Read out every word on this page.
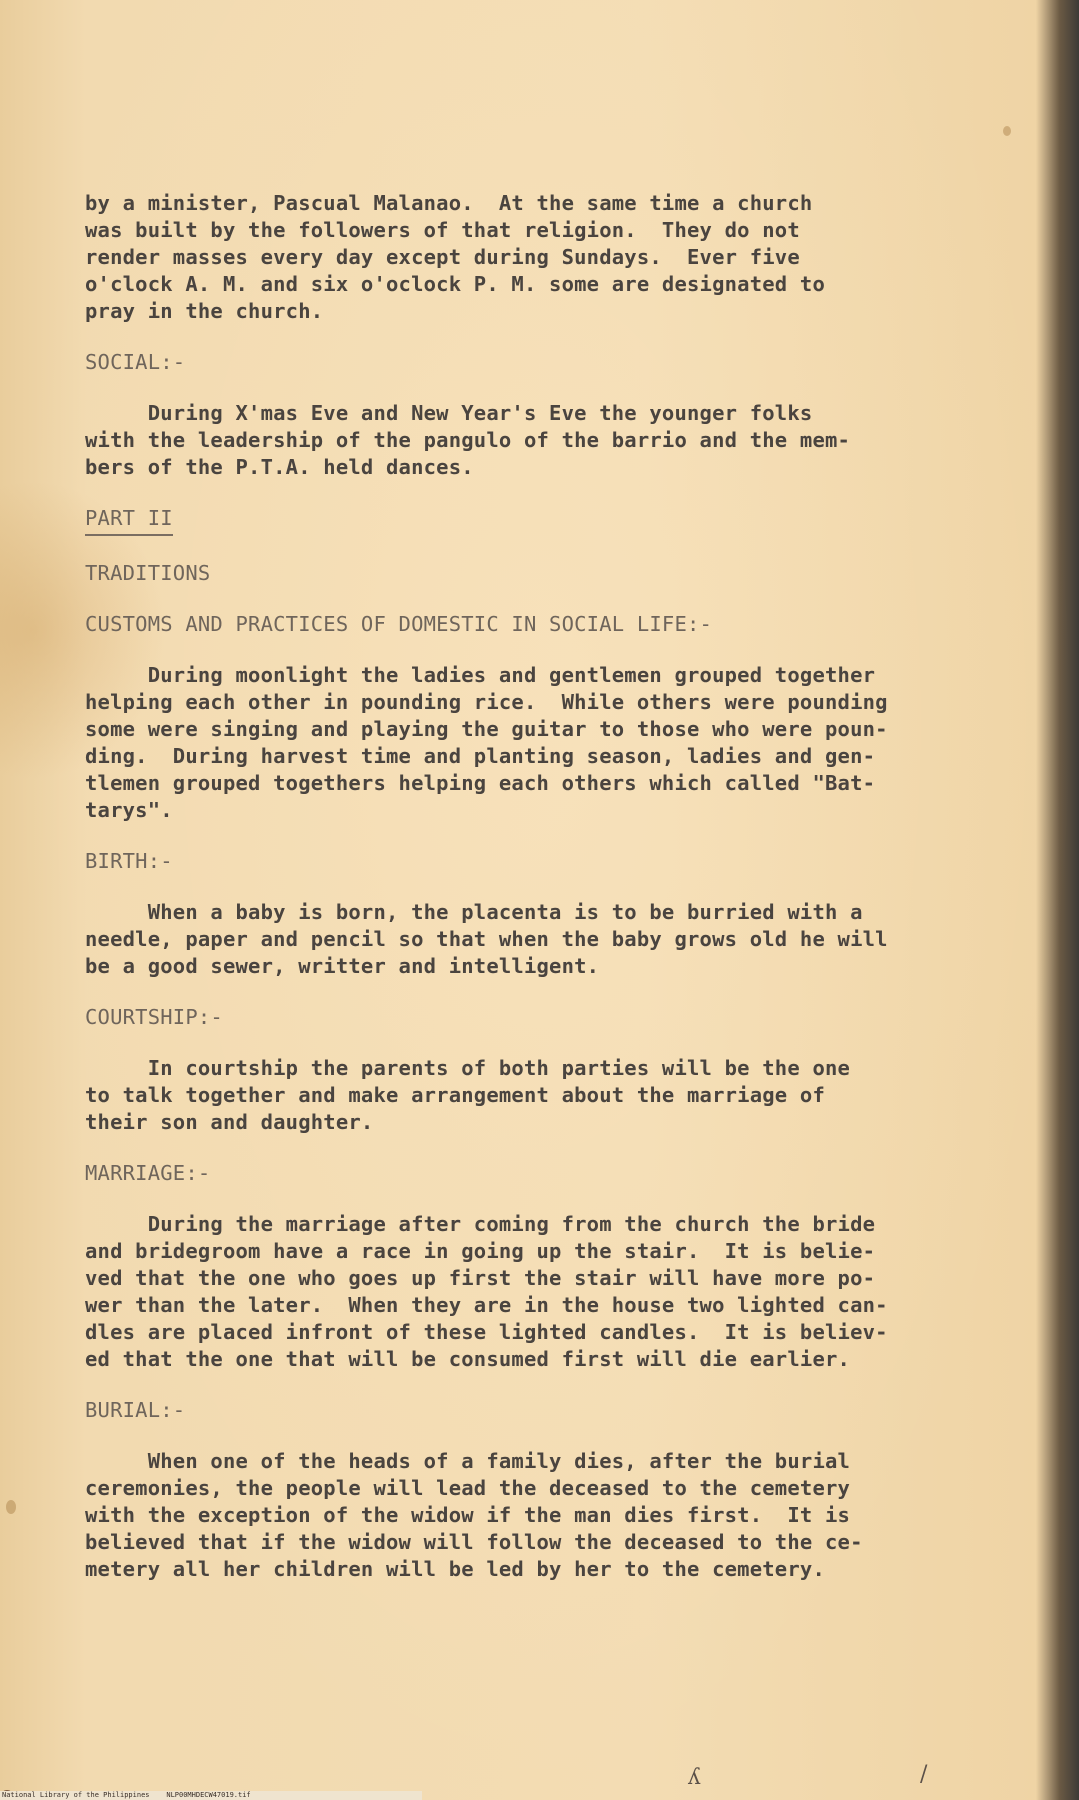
by a minister, Pascual Malanao.  At the same time a church

was built by the followers of that religion.  They do not

render masses every day except during Sundays.  Ever five

o'clock A. M. and six o'oclock P. M. some are designated to

pray in the church.

SOCIAL:-

During X'mas Eve and New Year's Eve the younger folks

with the leadership of the pangulo of the barrio and the mem-

bers of the P.T.A. held dances.

PART II

TRADITIONS

CUSTOMS AND PRACTICES OF DOMESTIC IN SOCIAL LIFE:-

During moonlight the ladies and gentlemen grouped together

helping each other in pounding rice.  While others were pounding

some were singing and playing the guitar to those who were poun-

ding.  During harvest time and planting season, ladies and gen-

tlemen grouped togethers helping each others which called "Bat-

tarys".

BIRTH:-

When a baby is born, the placenta is to be burried with a

needle, paper and pencil so that when the baby grows old he will

be a good sewer, writter and intelligent.

COURTSHIP:-

In courtship the parents of both parties will be the one

to talk together and make arrangement about the marriage of

their son and daughter.

MARRIAGE:-

During the marriage after coming from the church the bride

and bridegroom have a race in going up the stair.  It is belie-

ved that the one who goes up first the stair will have more po-

wer than the later.  When they are in the house two lighted can-

dles are placed infront of these lighted candles.  It is believ-

ed that the one that will be consumed first will die earlier.

BURIAL:-

When one of the heads of a family dies, after the burial

ceremonies, the people will lead the deceased to the cemetery

with the exception of the widow if the man dies first.  It is

believed that if the widow will follow the deceased to the ce-

metery all her children will be led by her to the cemetery.

ʎ	/
National Library of the Philippines    NLP00MHDECW47019.tif
